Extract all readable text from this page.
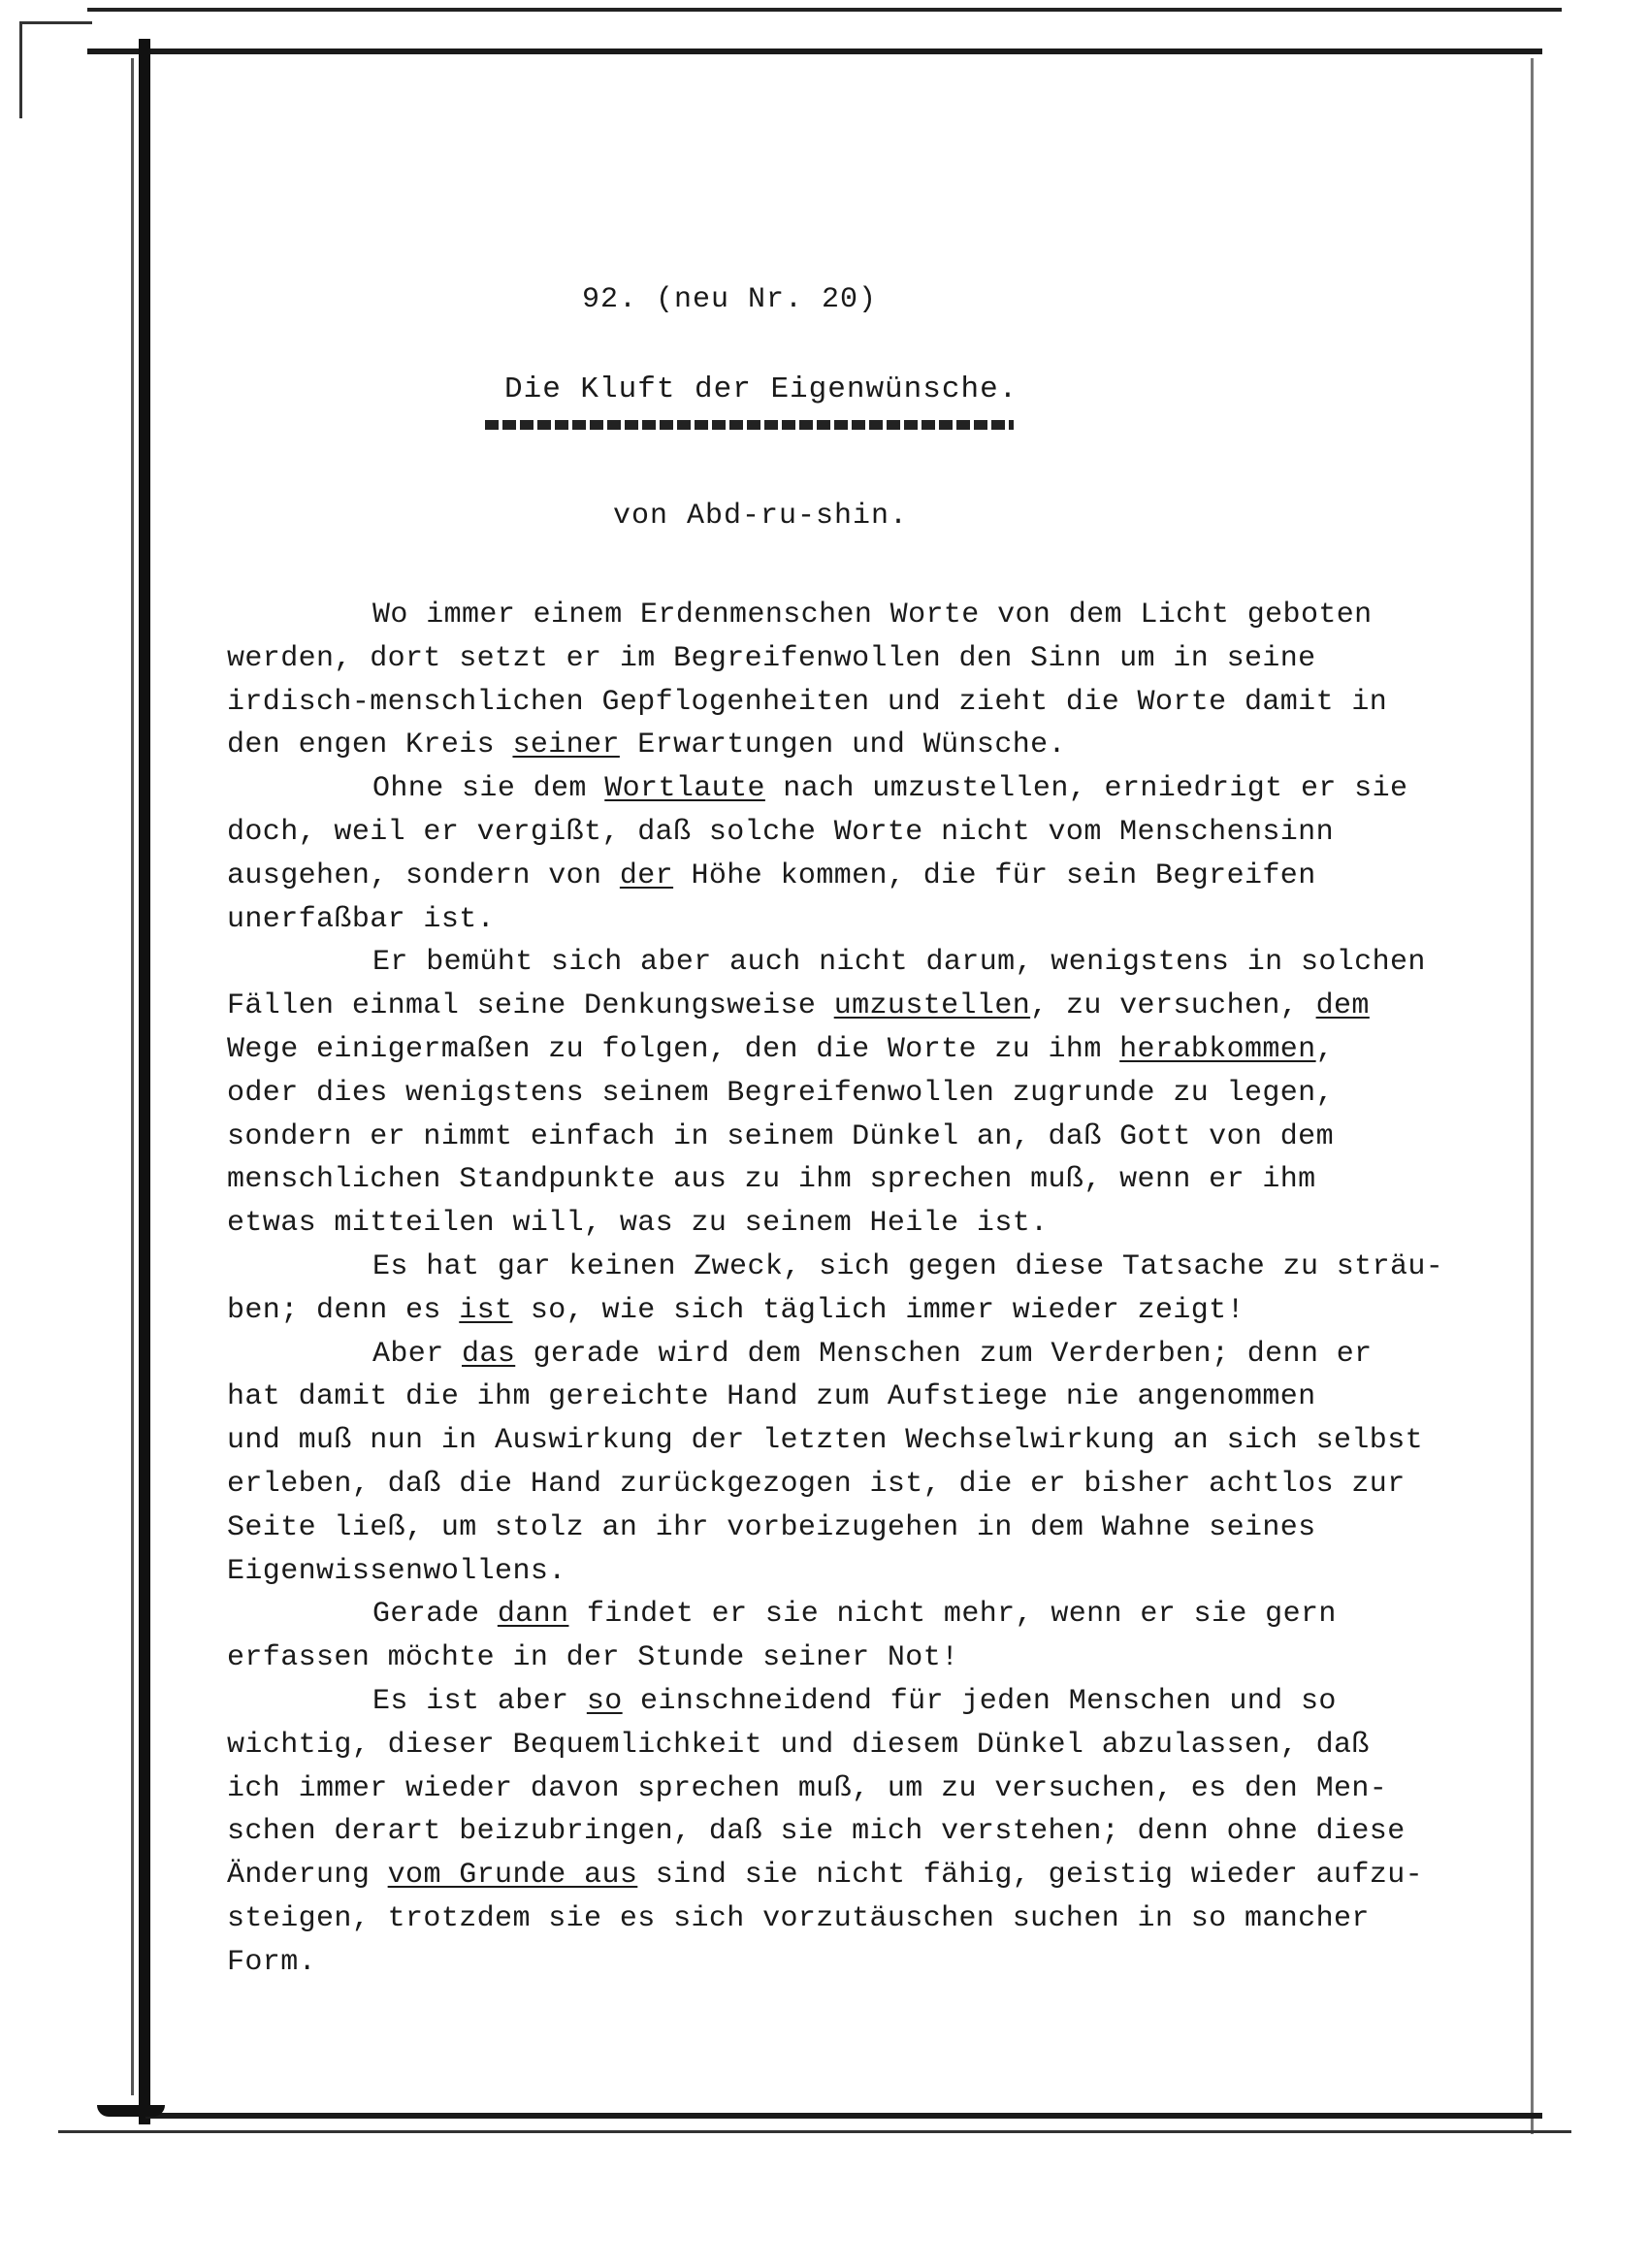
92. (neu Nr. 20)
Die Kluft der Eigenwünsche.
von Abd-ru-shin.
Wo immer einem Erdenmenschen Worte von dem Licht geboten
werden, dort setzt er im Begreifenwollen den Sinn um in seine
irdisch-menschlichen Gepflogenheiten und zieht die Worte damit in
den engen Kreis seiner Erwartungen und Wünsche.
Ohne sie dem Wortlaute nach umzustellen, erniedrigt er sie
doch, weil er vergißt, daß solche Worte nicht vom Menschensinn
ausgehen, sondern von der Höhe kommen, die für sein Begreifen
unerfaßbar ist.
Er bemüht sich aber auch nicht darum, wenigstens in solchen
Fällen einmal seine Denkungsweise umzustellen, zu versuchen, dem
Wege einigermaßen zu folgen, den die Worte zu ihm herabkommen,
oder dies wenigstens seinem Begreifenwollen zugrunde zu legen,
sondern er nimmt einfach in seinem Dünkel an, daß Gott von dem
menschlichen Standpunkte aus zu ihm sprechen muß, wenn er ihm
etwas mitteilen will, was zu seinem Heile ist.
Es hat gar keinen Zweck, sich gegen diese Tatsache zu sträu-
ben; denn es ist so, wie sich täglich immer wieder zeigt!
Aber das gerade wird dem Menschen zum Verderben; denn er
hat damit die ihm gereichte Hand zum Aufstiege nie angenommen
und muß nun in Auswirkung der letzten Wechselwirkung an sich selbst
erleben, daß die Hand zurückgezogen ist, die er bisher achtlos zur
Seite ließ, um stolz an ihr vorbeizugehen in dem Wahne seines
Eigenwissenwollens.
Gerade dann findet er sie nicht mehr, wenn er sie gern
erfassen möchte in der Stunde seiner Not!
Es ist aber so einschneidend für jeden Menschen und so
wichtig, dieser Bequemlichkeit und diesem Dünkel abzulassen, daß
ich immer wieder davon sprechen muß, um zu versuchen, es den Men-
schen derart beizubringen, daß sie mich verstehen; denn ohne diese
Änderung vom Grunde aus sind sie nicht fähig, geistig wieder aufzu-
steigen, trotzdem sie es sich vorzutäuschen suchen in so mancher
Form.
